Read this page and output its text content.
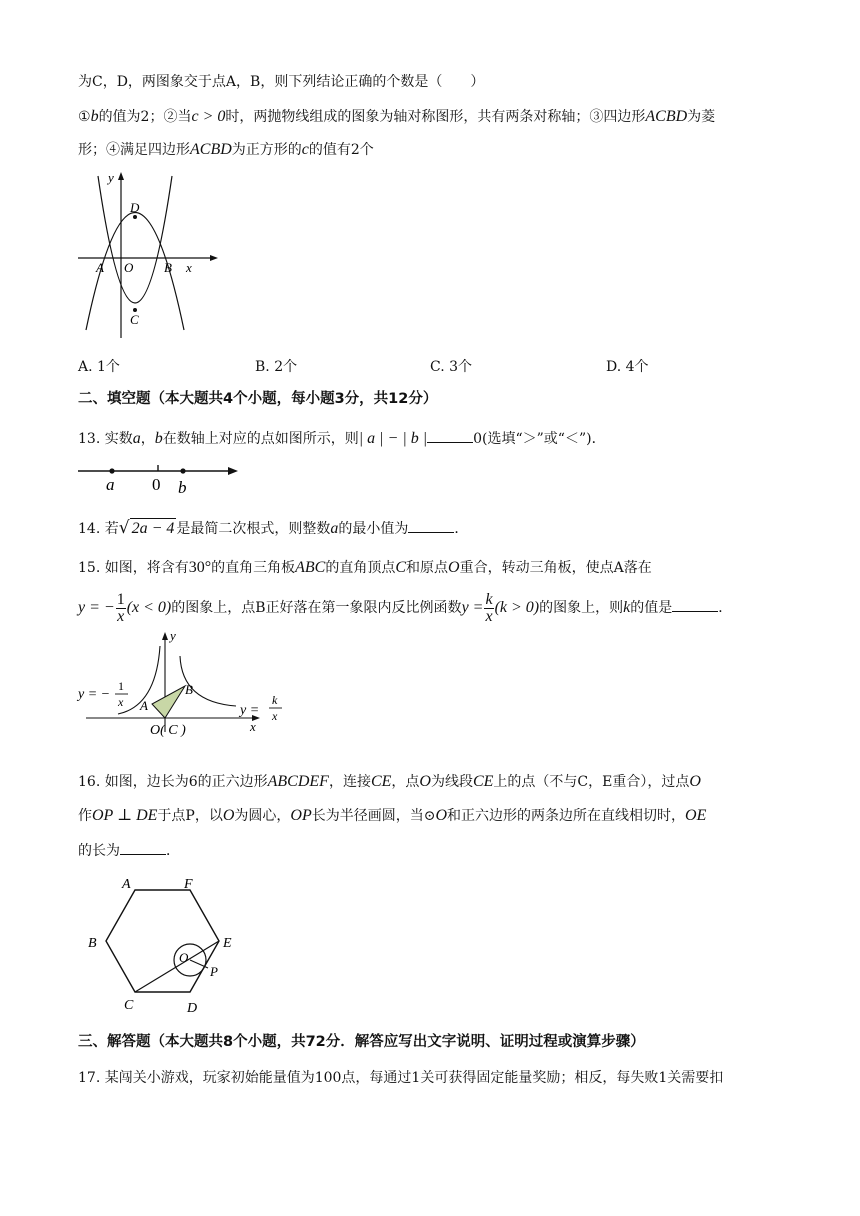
为C，D，两图象交于点A，B，则下列结论正确的个数是（　　）
①b的值为2；②当c > 0时，两抛物线组成的图象为轴对称图形，共有两条对称轴；③四边形ACBD为菱
形；④满足四边形ACBD为正方形的c的值有2个
y
x
A O B
D
C
A. 1个	B. 2个	C. 3个	D. 4个
二、填空题（本大题共4个小题，每小题3分，共12分）
13. 实数a，b在数轴上对应的点如图所示，则| a | − | b |	0(选填“＞”或“＜”)．
a 0 b
14. 若√ 2a − 4 是最简二次根式，则整数a的最小值为	．
15. 如图，将含有30°的直角三角板ABC的直角顶点C和原点O重合，转动三角板，使点A落在
y = − $\frac{1}{x} (x < 0)$的图象上，点B正好落在第一象限内反比例函数$y = \frac{k}{x} (k > 0)$的图象上，则k的值是	．
y
x
A
B
O( C )
y = −
1
x
y =
k
x
16. 如图，边长为6的正六边形ABCDEF，连接CE，点O为线段CE上的点（不与C，E重合），过点O
作OP ⊥ DE于点P，以O为圆心，OP长为半径画圆，当⊙O和正六边形的两条边所在直线相切时，OE
的长为	．
A	F
B	E
O
P
C	D
三、解答题（本大题共8个小题，共72分．解答应写出文字说明、证明过程或演算步骤）
17. 某闯关小游戏，玩家初始能量值为100点，每通过1关可获得固定能量奖励；相反，每失败1关需要扣
